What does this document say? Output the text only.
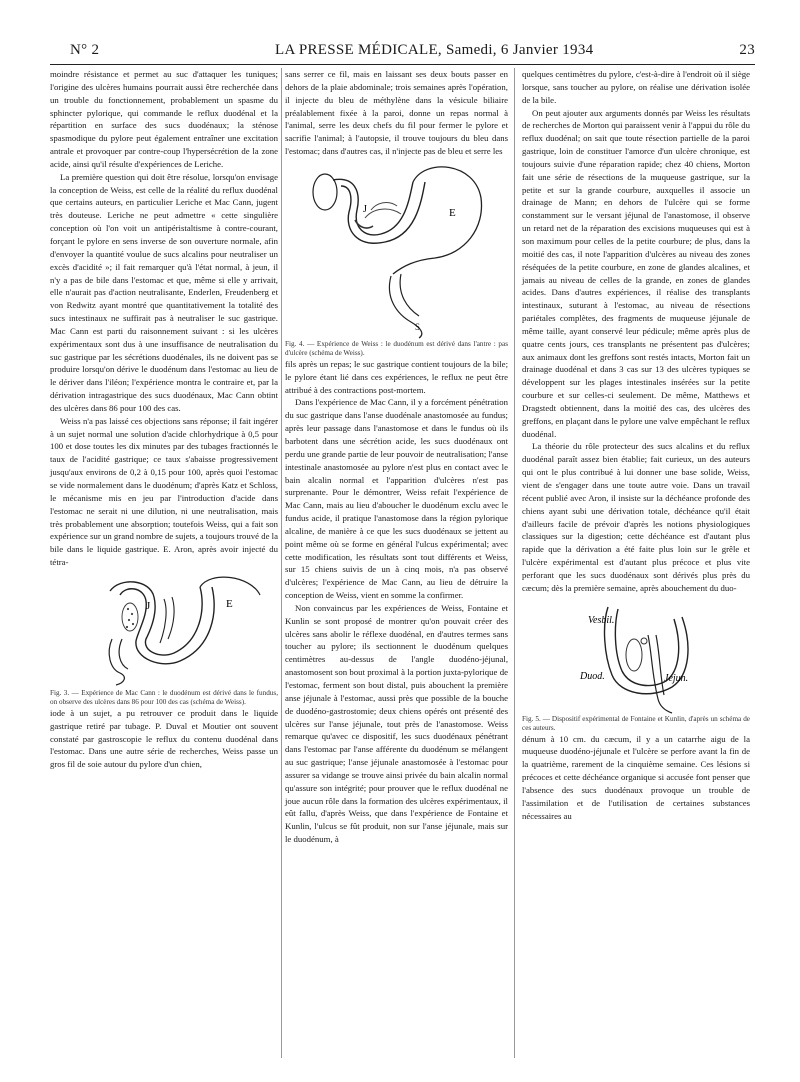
N° 2	LA PRESSE MÉDICALE, Samedi, 6 Janvier 1934	23

moindre résistance et permet au suc d'attaquer les tuniques; l'origine des ulcères humains pourrait aussi être recherchée dans un trouble du fonctionnement, probablement un spasme du sphincter pylorique, qui commande le reflux duodénal et la répartition en surface des sucs duodénaux; la sténose spasmodique du pylore peut également entraîner une excitation antrale et provoquer par contre-coup l'hypersécrétion de la zone acide, ainsi qu'il résulte d'expériences de Leriche.

La première question qui doit être résolue, lorsqu'on envisage la conception de Weiss, est celle de la réalité du reflux duodénal que certains auteurs, en particulier Leriche et Mac Cann, jugent très douteuse. Leriche ne peut admettre « cette singulière conception où l'on voit un antipéristaltisme à contre-courant, forçant le pylore en sens inverse de son ouverture normale, afin d'envoyer la quantité voulue de sucs alcalins pour neutraliser un excès d'acidité »; il fait remarquer qu'à l'état normal, à jeun, il n'y a pas de bile dans l'estomac et que, même si elle y arrivait, elle n'aurait pas d'action neutralisante, Enderlen, Freudenberg et von Redwitz ayant montré que quantitativement la totalité des sucs intestinaux ne suffirait pas à neutraliser le suc gastrique. Mac Cann est parti du raisonnement suivant : si les ulcères expérimentaux sont dus à une insuffisance de neutralisation du suc gastrique par les sécrétions duodénales, ils ne doivent pas se produire lorsqu'on dérive le duodénum dans l'estomac au lieu de le dériver dans l'iléon; l'expérience montra le contraire et, par la dérivation intragastrique des sucs duodénaux, Mac Cann obtint des ulcères dans 86 pour 100 des cas.

Weiss n'a pas laissé ces objections sans réponse; il fait ingérer à un sujet normal une solution d'acide chlorhydrique à 0,5 pour 100 et dose toutes les dix minutes par des tubages fractionnés le taux de l'acidité gastrique; ce taux s'abaisse progressivement jusqu'aux environs de 0,2 à 0,15 pour 100, après quoi l'estomac se vide normalement dans le duodénum; d'après Katz et Schloss, le mécanisme mis en jeu par l'introduction d'acide dans l'estomac ne serait ni une dilution, ni une neutralisation, mais très probablement une absorption; toutefois Weiss, qui a fait son expérience sur un grand nombre de sujets, a toujours trouvé de la bile dans le liquide gastrique. E. Aron, après avoir injecté du tétra-

J	E

Fig. 3. — Expérience de Mac Cann : le duodénum est dérivé dans le fundus, on observe des ulcères dans 86 pour 100 des cas (schéma de Weiss).

iode à un sujet, a pu retrouver ce produit dans le liquide gastrique retiré par tubage. P. Duval et Moutier ont souvent constaté par gastroscopie le reflux du contenu duodénal dans l'estomac. Dans une autre série de recherches, Weiss passe un gros fil de soie autour du pylore d'un chien,

sans serrer ce fil, mais en laissant ses deux bouts passer en dehors de la plaie abdominale; trois semaines après l'opération, il injecte du bleu de méthylène dans la vésicule biliaire préalablement fixée à la paroi, donne un repas normal à l'animal, serre les deux chefs du fil pour fermer le pylore et sacrifie l'animal; à l'autopsie, il trouve toujours du bleu dans l'estomac; dans d'autres cas, il n'injecte pas de bleu et serre les

J	E
S

Fig. 4. — Expérience de Weiss : le duodénum est dérivé dans l'antre : pas d'ulcère (schéma de Weiss).

fils après un repas; le suc gastrique contient toujours de la bile; le pylore étant lié dans ces expériences, le reflux ne peut être attribué à des contractions post-mortem.

Dans l'expérience de Mac Cann, il y a forcément pénétration du suc gastrique dans l'anse duodénale anastomosée au fundus; après leur passage dans l'anastomose et dans le fundus où ils barbotent dans une sécrétion acide, les sucs duodénaux ont perdu une grande partie de leur pouvoir de neutralisation; l'anse intestinale anastomosée au pylore n'est plus en contact avec le bain alcalin normal et l'apparition d'ulcères n'est pas surprenante. Pour le démontrer, Weiss refait l'expérience de Mac Cann, mais au lieu d'aboucher le duodénum exclu avec le fundus acide, il pratique l'anastomose dans la région pylorique alcaline, de manière à ce que les sucs duodénaux se jettent au point même où se forme en général l'ulcus expérimental; avec cette modification, les résultats sont tout différents et Weiss, sur 15 chiens suivis de un à cinq mois, n'a pas observé d'ulcères; l'expérience de Mac Cann, au lieu de détruire la conception de Weiss, vient en somme la confirmer.

Non convaincus par les expériences de Weiss, Fontaine et Kunlin se sont proposé de montrer qu'on pouvait créer des ulcères sans abolir le réflexe duodénal, en d'autres termes sans toucher au pylore; ils sectionnent le duodénum quelques centimètres au-dessus de l'angle duodéno-jéjunal, anastomosent son bout proximal à la portion juxta-pylorique de l'estomac, ferment son bout distal, puis abouchent la première anse jéjunale à l'estomac, aussi près que possible de la bouche de duodéno-gastrostomie; deux chiens opérés ont présenté des ulcères sur l'anse jéjunale, tout près de l'anastomose. Weiss remarque qu'avec ce dispositif, les sucs duodénaux pénétrant dans l'estomac par l'anse afférente du duodénum se mélangent au suc gastrique; l'anse jéjunale anastomosée à l'estomac pour assurer sa vidange se trouve ainsi privée du bain alcalin normal qu'assure son intégrité; pour prouver que le reflux duodénal ne joue aucun rôle dans la formation des ulcères expérimentaux, il eût fallu, d'après Weiss, que dans l'expérience de Fontaine et Kunlin, l'ulcus se fût produit, non sur l'anse jéjunale, mais sur le duodénum, à

quelques centimètres du pylore, c'est-à-dire à l'endroit où il siège lorsque, sans toucher au pylore, on réalise une dérivation isolée de la bile.

On peut ajouter aux arguments donnés par Weiss les résultats de recherches de Morton qui paraissent venir à l'appui du rôle du reflux duodénal; on sait que toute résection partielle de la paroi gastrique, loin de constituer l'amorce d'un ulcère chronique, est toujours suivie d'une réparation rapide; chez 40 chiens, Morton fait une série de résections de la muqueuse gastrique, sur la petite et sur la grande courbure, auxquelles il associe un drainage de Mann; en dehors de l'ulcère qui se forme constamment sur le versant jéjunal de l'anastomose, il observe un retard net de la réparation des excisions muqueuses qui est à son maximum pour celles de la petite courbure; de plus, dans la moitié des cas, il note l'apparition d'ulcères au niveau des zones réséquées de la petite courbure, en zone de glandes alcalines, et jamais au niveau de celles de la grande, en zones de glandes acides. Dans d'autres expériences, il réalise des transplants intestinaux, suturant à l'estomac, au niveau de résections pariétales complètes, des fragments de muqueuse jéjunale de même taille, ayant conservé leur pédicule; même après plus de quatre cents jours, ces transplants ne présentent pas d'ulcères; aux animaux dont les greffons sont restés intacts, Morton fait un drainage duodénal et dans 3 cas sur 13 des ulcères typiques se développent sur les plages intestinales insérées sur la petite courbure et sur celles-ci seulement. De même, Matthews et Dragstedt obtiennent, dans la moitié des cas, des ulcères des greffons, en plaçant dans le pylore une valve empêchant le reflux duodénal.

La théorie du rôle protecteur des sucs alcalins et du reflux duodénal paraît assez bien établie; fait curieux, un des auteurs qui ont le plus contribué à lui donner une base solide, Weiss, vient de s'engager dans une toute autre voie. Dans un travail récent publié avec Aron, il insiste sur la déchéance profonde des chiens ayant subi une dérivation totale, déchéance qu'il était d'ailleurs facile de prévoir d'après les notions physiologiques classiques sur la digestion; cette déchéance est d'autant plus rapide que la dérivation a été faite plus loin sur le grêle et l'ulcère expérimental est d'autant plus précoce et plus vite perforant que les sucs duodénaux sont dérivés plus près du cæcum; dès la première semaine, après abouchement du duo-

Vesbil.
Duod.	Jejun.

Fig. 5. — Dispositif expérimental de Fontaine et Kunlin, d'après un schéma de ces auteurs.

dénum à 10 cm. du cæcum, il y a un catarrhe aigu de la muqueuse duodéno-jéjunale et l'ulcère se perfore avant la fin de la quatrième, rarement de la cinquième semaine. Ces lésions si précoces et cette déchéance organique si accusée font penser que l'absence des sucs duodénaux provoque un trouble de l'assimilation et de l'utilisation de certaines substances nécessaires au
